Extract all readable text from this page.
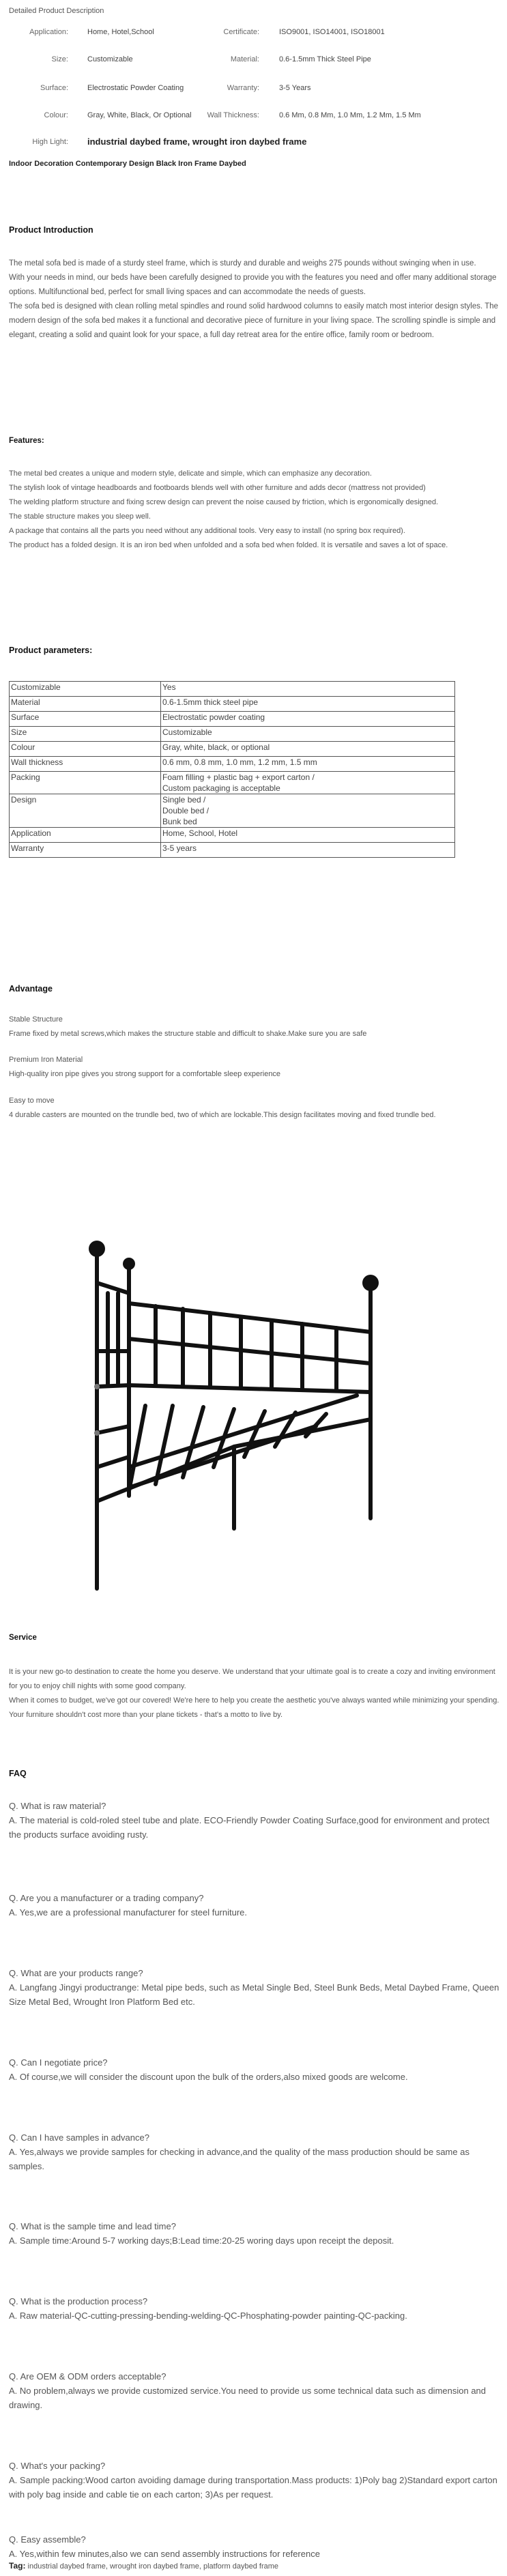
Detailed Product Description
Application:	Home, Hotel,School	Certificate:	ISO9001, ISO14001, ISO18001
Size:	Customizable	Material:	0.6-1.5mm Thick Steel Pipe
Surface:	Electrostatic Powder Coating	Warranty:	3-5 Years
Colour:	Gray, White, Black, Or Optional	Wall Thickness:	0.6 Mm, 0.8 Mm, 1.0 Mm, 1.2 Mm, 1.5 Mm
High Light: industrial daybed frame, wrought iron daybed frame
Indoor Decoration Contemporary Design Black Iron Frame Daybed
Product Introduction
The metal sofa bed is made of a sturdy steel frame, which is sturdy and durable and weighs 275 pounds without swinging when in use.
With your needs in mind, our beds have been carefully designed to provide you with the features you need and offer many additional storage options. Multifunctional bed, perfect for small living spaces and can accommodate the needs of guests.
The sofa bed is designed with clean rolling metal spindles and round solid hardwood columns to easily match most interior design styles. The modern design of the sofa bed makes it a functional and decorative piece of furniture in your living space. The scrolling spindle is simple and elegant, creating a solid and quaint look for your space, a full day retreat area for the entire office, family room or bedroom.
Features:
The metal bed creates a unique and modern style, delicate and simple, which can emphasize any decoration.
The stylish look of vintage headboards and footboards blends well with other furniture and adds decor (mattress not provided)
The welding platform structure and fixing screw design can prevent the noise caused by friction, which is ergonomically designed.
The stable structure makes you sleep well.
A package that contains all the parts you need without any additional tools. Very easy to install (no spring box required).
The product has a folded design. It is an iron bed when unfolded and a sofa bed when folded. It is versatile and saves a lot of space.
Product parameters:
Customizable	Yes

Material	0.6-1.5mm thick steel pipe

Surface	Electrostatic powder coating

Size	Customizable

Colour	Gray, white, black, or optional

Wall thickness	0.6 mm, 0.8 mm, 1.0 mm, 1.2 mm, 1.5 mm

Packing	Foam filling + plastic bag + export carton /
Custom packaging is acceptable

Design	Single bed /
Double bed /
Bunk bed

Application	Home, School, Hotel

Warranty	3-5 years
Advantage
Stable Structure
Frame fixed by metal screws,which makes the structure stable and difficult to shake.Make sure you are safe
Premium Iron Material
High-quality iron pipe gives you strong support for a comfortable sleep experience
Easy to move
4 durable casters are mounted on the trundle bed, two of which are lockable.This design facilitates moving and fixed trundle bed.
Service
It is your new go-to destination to create the home you deserve. We understand that your ultimate goal is to create a cozy and inviting environment for you to enjoy chill nights with some good company.
When it comes to budget, we've got our covered! We're here to help you create the aesthetic you've always wanted while minimizing your spending. Your furniture shouldn't cost more than your plane tickets - that's a motto to live by.
FAQ
Q. What is raw material?
A. The material is cold-roled steel tube and plate. ECO-Friendly Powder Coating Surface,good for environment and protect the products surface avoiding rusty.
Q. Are you a manufacturer or a trading company?
A. Yes,we are a professional manufacturer for steel furniture.
Q. What are your products range?
A. Langfang Jingyi productrange: Metal pipe beds, such as Metal Single Bed, Steel Bunk Beds, Metal Daybed Frame, Queen Size Metal Bed, Wrought Iron Platform Bed etc.
Q. Can I negotiate price?
A. Of course,we will consider the discount upon the bulk of the orders,also mixed goods are welcome.
Q. Can I have samples in advance?
A. Yes,always we provide samples for checking in advance,and the quality of the mass production should be same as samples.
Q. What is the sample time and lead time?
A. Sample time:Around 5-7 working days;B:Lead time:20-25 woring days upon receipt the deposit.
Q. What is the production process?
A. Raw material-QC-cutting-pressing-bending-welding-QC-Phosphating-powder painting-QC-packing.
Q. Are OEM & ODM orders acceptable?
A. No problem,always we provide customized service.You need to provide us some technical data such as dimension and drawing.
Q. What's your packing?
A. Sample packing:Wood carton avoiding damage during transportation.Mass products: 1)Poly bag 2)Standard export carton with poly bag inside and cable tie on each carton; 3)As per request.
Q. Easy assemble?
A. Yes,within few minutes,also we can send assembly instructions for reference
Tag: industrial daybed frame, wrought iron daybed frame, platform daybed frame
